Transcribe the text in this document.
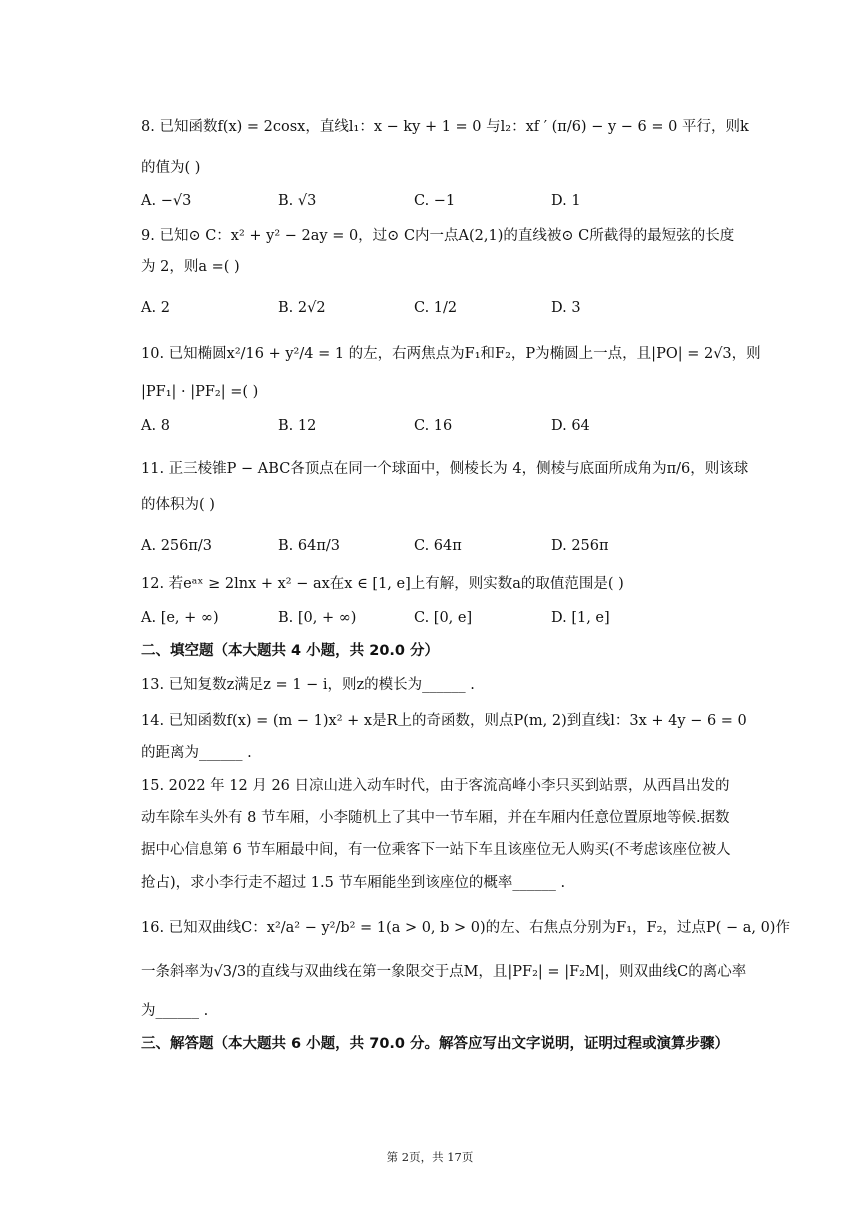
8. 已知函数f(x) = 2cosx，直线l₁：x − ky + 1 = 0 与l₂：xf ′ (π/6) − y − 6 = 0 平行，则k
的值为( )
A. −√3	B. √3	C. −1	D. 1
9. 已知⊙ C：x² + y² − 2ay = 0，过⊙ C内一点A(2,1)的直线被⊙ C所截得的最短弦的长度
为 2，则a =( )
A. 2	B. 2√2	C. 1/2	D. 3
10. 已知椭圆x²/16 + y²/4 = 1 的左，右两焦点为F₁和F₂，P为椭圆上一点，且|PO| = 2√3，则
|PF₁| · |PF₂| =( )
A. 8	B. 12	C. 16	D. 64
11. 正三棱锥P − ABC各顶点在同一个球面中，侧棱长为 4，侧棱与底面所成角为π/6，则该球
的体积为( )
A. 256π/3	B. 64π/3	C. 64π	D. 256π
12. 若eᵃˣ ≥ 2lnx + x² − ax在x ∈ [1, e]上有解，则实数a的取值范围是( )
A. [e, + ∞)	B. [0, + ∞)	C. [0, e]	D. [1, e]
二、填空题（本大题共 4 小题，共 20.0 分）
13. 已知复数z满足z = 1 − i，则z的模长为______ .
14. 已知函数f(x) = (m − 1)x² + x是R上的奇函数，则点P(m, 2)到直线l：3x + 4y − 6 = 0
的距离为______ .
15. 2022 年 12 月 26 日凉山进入动车时代，由于客流高峰小李只买到站票，从西昌出发的
动车除车头外有 8 节车厢，小李随机上了其中一节车厢，并在车厢内任意位置原地等候.据数
据中心信息第 6 节车厢最中间，有一位乘客下一站下车且该座位无人购买(不考虑该座位被人
抢占)，求小李行走不超过 1.5 节车厢能坐到该座位的概率______ .
16. 已知双曲线C：x²/a² − y²/b² = 1(a > 0, b > 0)的左、右焦点分别为F₁，F₂，过点P( − a, 0)作
一条斜率为√3/3的直线与双曲线在第一象限交于点M，且|PF₂| = |F₂M|，则双曲线C的离心率
为______ .
三、解答题（本大题共 6 小题，共 70.0 分。解答应写出文字说明，证明过程或演算步骤）
第 2页，共 17页
